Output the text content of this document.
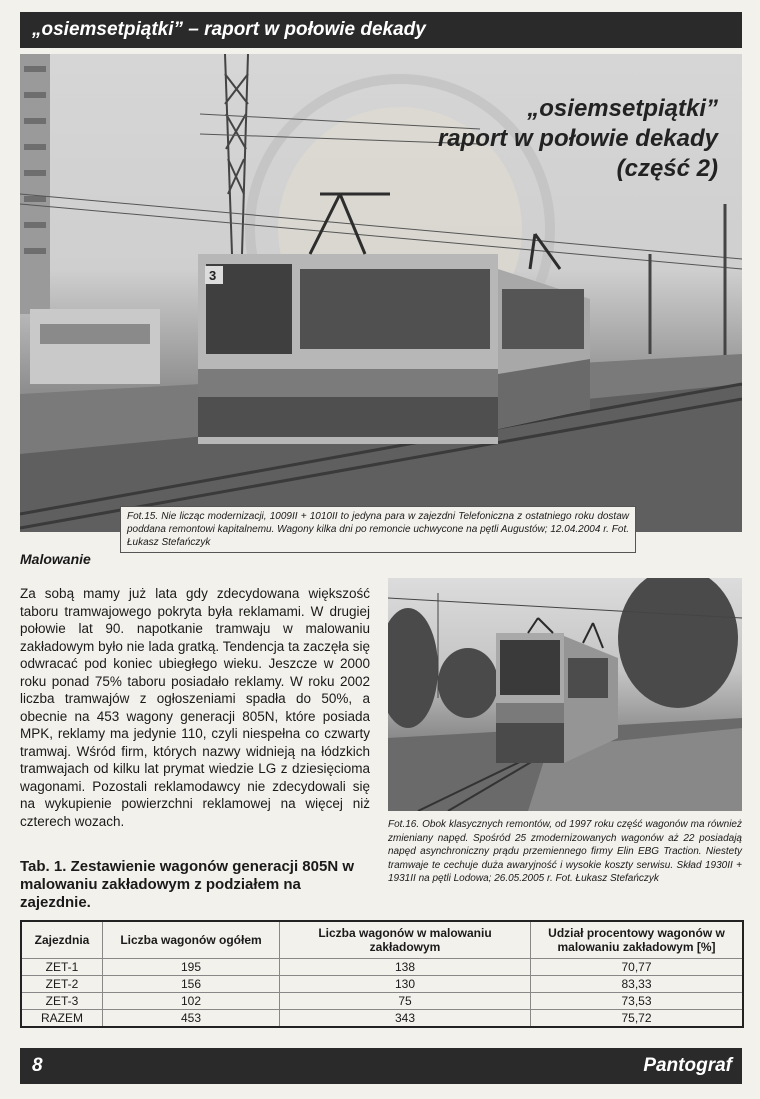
„osiemsetpiątki” – raport w połowie dekady
3
„osiemsetpiątki”
raport w połowie dekady
(część 2)
Fot.15. Nie licząc modernizacji, 1009II + 1010II to jedyna para w zajezdni Telefoniczna z ostatniego roku dostaw poddana remontowi kapitalnemu. Wagony kilka dni po remoncie uchwycone na pętli Augustów; 12.04.2004 r. Fot. Łukasz Stefańczyk
Malowanie
Za sobą mamy już lata gdy zdecydowana większość taboru tramwajowego pokryta była reklamami. W drugiej połowie lat 90. napotkanie tramwaju w malowaniu zakładowym było nie lada gratką. Tendencja ta zaczęła się odwracać pod koniec ubiegłego wieku. Jeszcze w 2000 roku ponad 75% taboru posiadało reklamy. W roku 2002 liczba tramwajów z ogłoszeniami spadła do 50%, a obecnie na 453 wagony generacji 805N, które posiada MPK, reklamy ma jedynie 110, czyli niespełna co czwarty tramwaj. Wśród firm, których nazwy widnieją na łódzkich tramwajach od kilku lat prymat wiedzie LG z dziesięcioma wagonami. Pozostali reklamodawcy nie zdecydowali się na wykupienie powierzchni reklamowej na więcej niż czterech wozach.	Fot.16. Obok klasycznych remontów, od 1997 roku część wagonów ma również zmieniany napęd. Spośród 25 zmodernizowanych wagonów aż 22 posiadają napęd asynchroniczny prądu przemiennego firmy Elin EBG Traction. Niestety tramwaje te cechuje duża awaryjność i wysokie koszty serwisu. Skład 1930II + 1931II na pętli Lodowa; 26.05.2005 r. Fot. Łukasz Stefańczyk
Tab. 1. Zestawienie wagonów generacji 805N w malowaniu zakładowym z podziałem na zajezdnie.
Zajezdnia	Liczba wagonów ogółem	Liczba wagonów w malowaniu zakładowym	Udział procentowy wagonów w malowaniu zakładowym [%]
ZET-1	195	138	70,77
ZET-2	156	130	83,33
ZET-3	102	75	73,53
RAZEM	453	343	75,72
8	Pantograf
